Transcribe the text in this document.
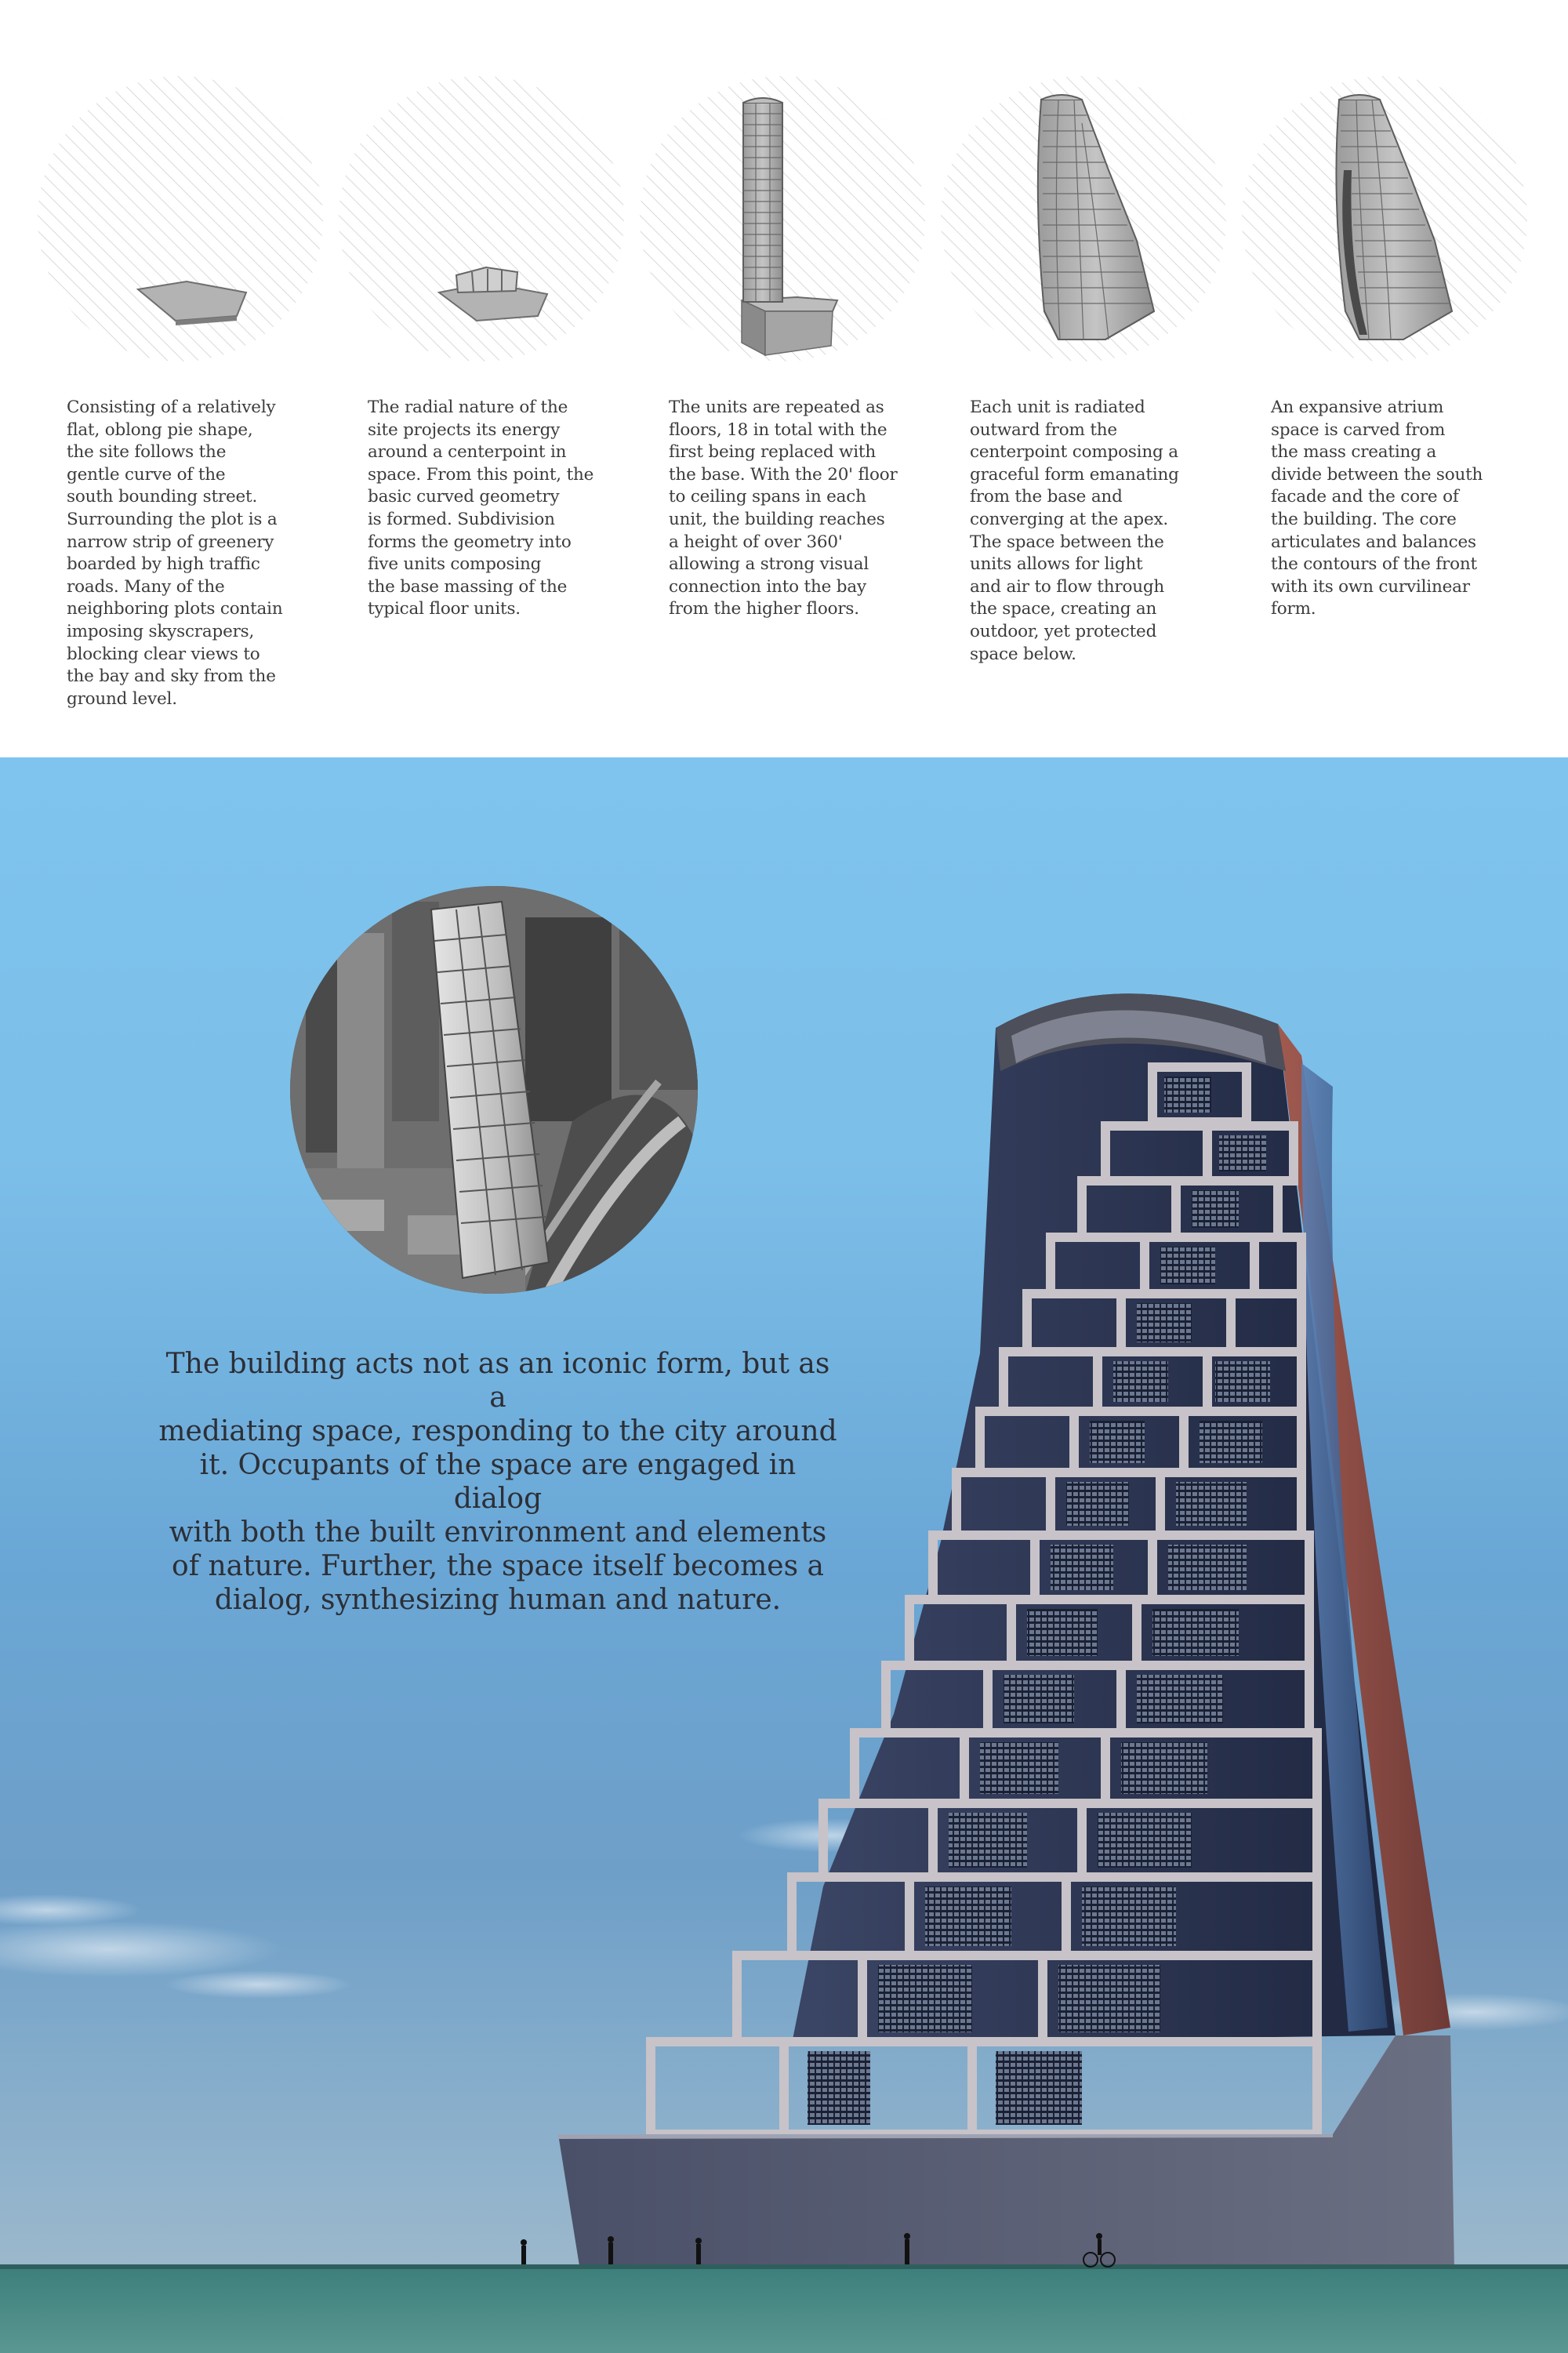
Consisting of a relatively
flat, oblong pie shape,
the site follows the
gentle curve of the
south bounding street.
Surrounding the plot is a
narrow strip of greenery
boarded by high traffic
roads. Many of the
neighboring plots contain
imposing skyscrapers,
blocking clear views to
the bay and sky from the
ground level.
The radial nature of the
site projects its energy
around a centerpoint in
space. From this point, the
basic curved geometry
is formed. Subdivision
forms the geometry into
five units composing
the base massing of the
typical floor units.
The units are repeated as
floors, 18 in total with the
first being replaced with
the base. With the 20' floor
to ceiling spans in each
unit, the building reaches
a height of over 360'
allowing a strong visual
connection into the bay
from the higher floors.
Each unit is radiated
outward from the
centerpoint composing a
graceful form emanating
from the base and
converging at the apex.
The space between the
units allows for light
and air to flow through
the space, creating an
outdoor, yet protected
space below.
An expansive atrium
space is carved from
the mass creating a
divide between the south
facade and the core of
the building. The core
articulates and balances
the contours of the front
with its own curvilinear
form.
The building acts not as an iconic form, but as a
mediating space, responding to the city around
it. Occupants of the space are engaged in dialog
with both the built environment and elements
of nature. Further, the space itself becomes a
dialog, synthesizing human and nature.
